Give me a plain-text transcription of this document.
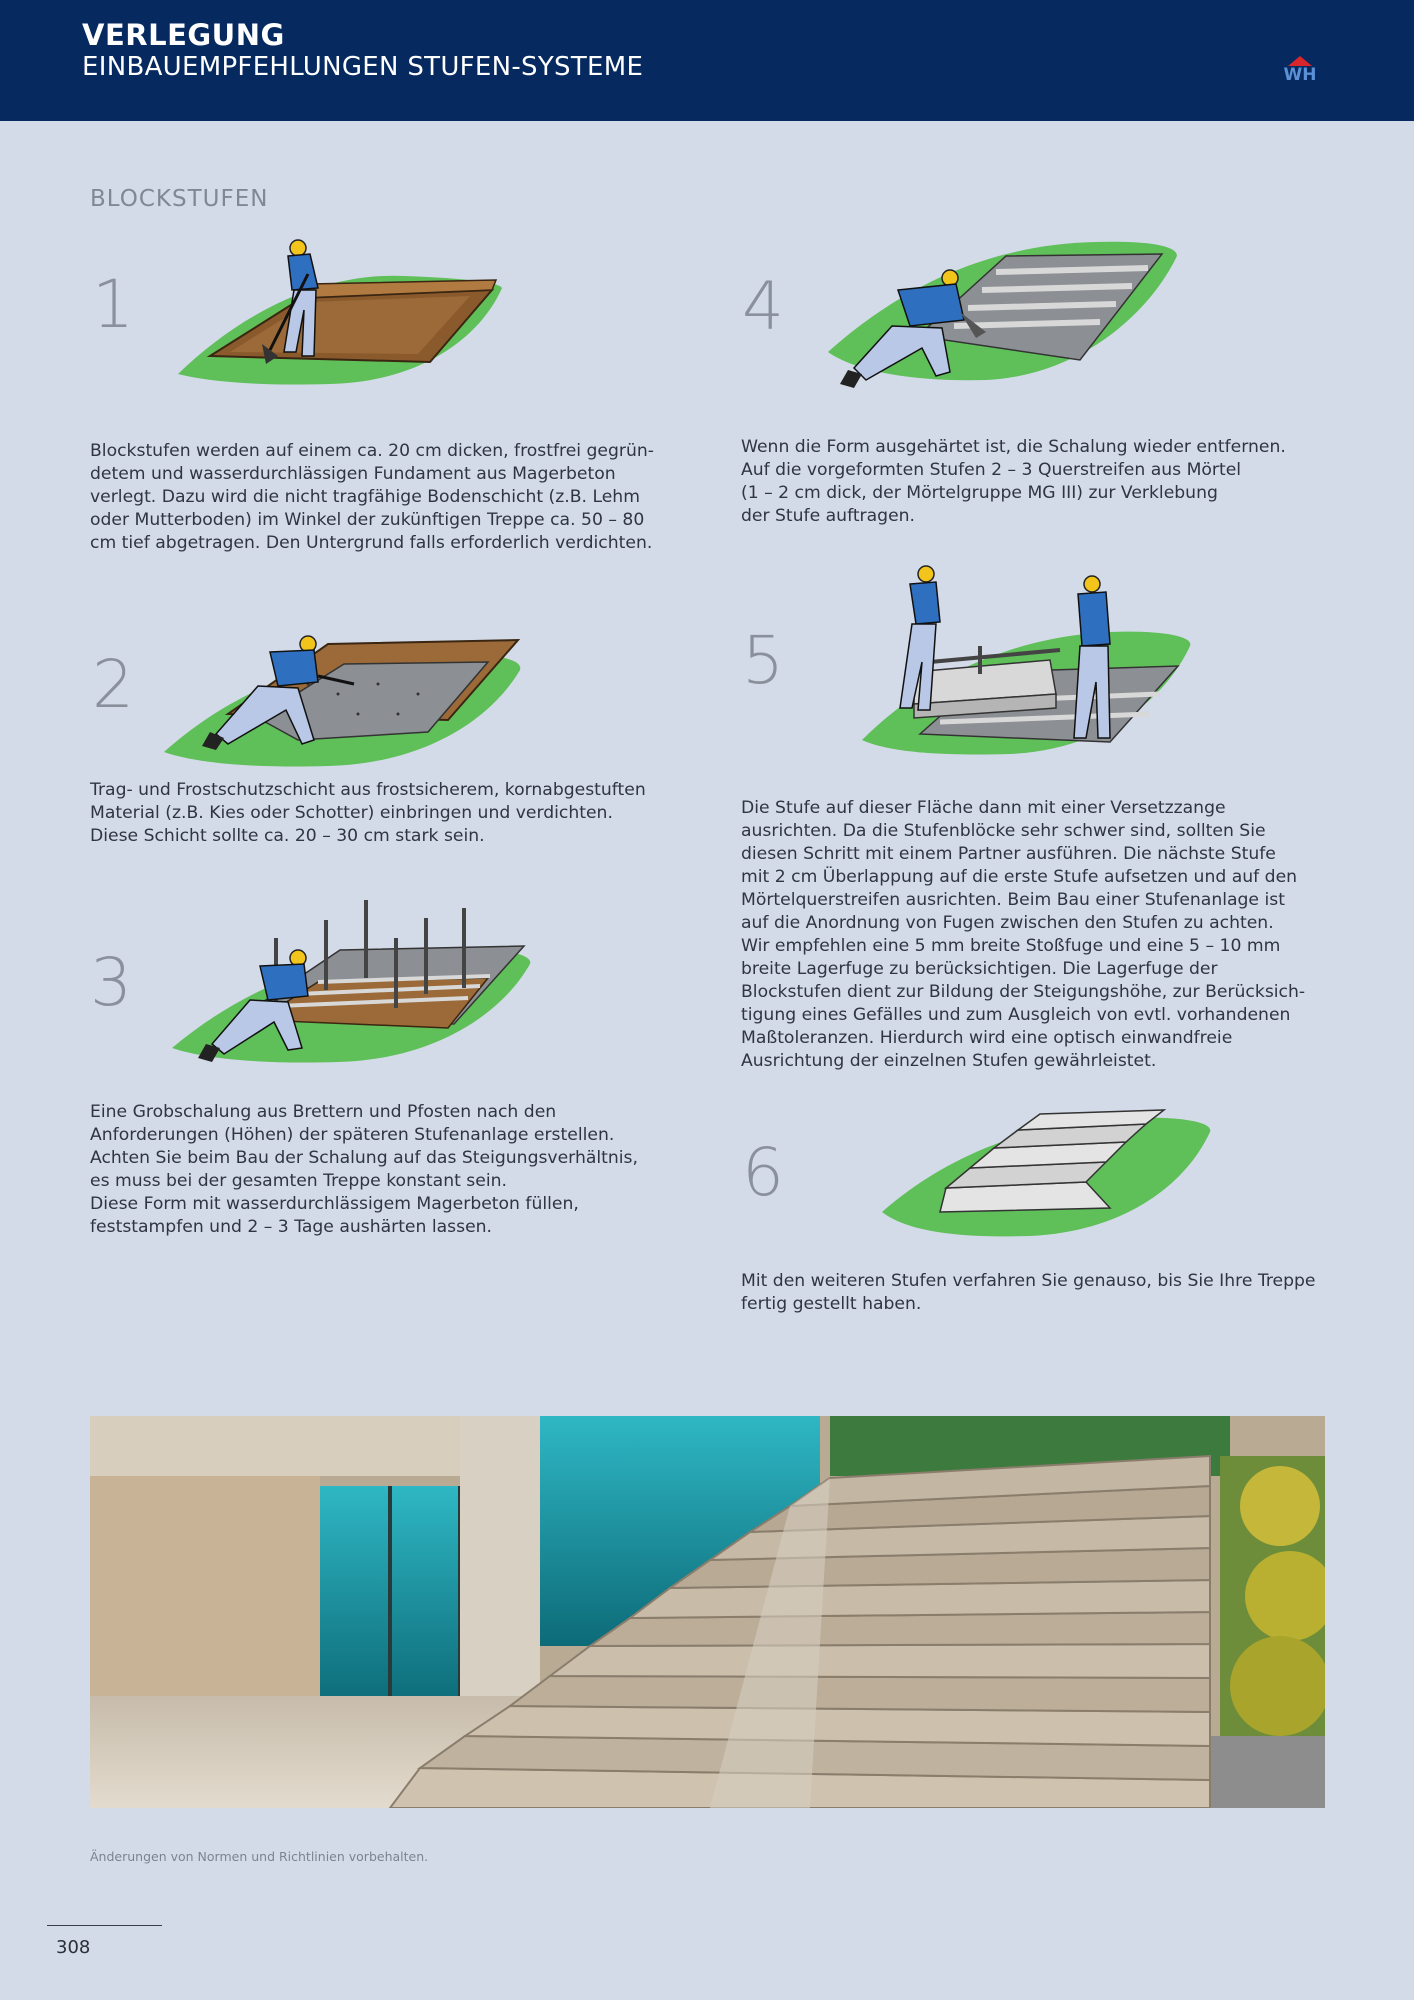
VERLEGUNG
EINBAUEMPFEHLUNGEN STUFEN-SYSTEME	WH
BLOCKSTUFEN
1
Blockstufen werden auf einem ca. 20 cm dicken, frostfrei gegrün-
detem und wasserdurchlässigen Fundament aus Magerbeton
verlegt. Dazu wird die nicht tragfähige Bodenschicht (z.B. Lehm
oder Mutterboden) im Winkel der zukünftigen Treppe ca. 50 – 80
cm tief abgetragen. Den Untergrund falls erforderlich verdichten.
2
Trag- und Frostschutzschicht aus frostsicherem, kornabgestuften
Material (z.B. Kies oder Schotter) einbringen und verdichten.
Diese Schicht sollte ca. 20 – 30 cm stark sein.
3
Eine Grobschalung aus Brettern und Pfosten nach den
Anforderungen (Höhen) der späteren Stufenanlage erstellen.
Achten Sie beim Bau der Schalung auf das Steigungsverhältnis,
es muss bei der gesamten Treppe konstant sein.
Diese Form mit wasserdurchlässigem Magerbeton füllen,
feststampfen und 2 – 3 Tage aushärten lassen.
4
Wenn die Form ausgehärtet ist, die Schalung wieder entfernen.
Auf die vorgeformten Stufen 2 – 3 Querstreifen aus Mörtel
(1 – 2 cm dick, der Mörtelgruppe MG III) zur Verklebung
der Stufe auftragen.
5
Die Stufe auf dieser Fläche dann mit einer Versetzzange
ausrichten. Da die Stufenblöcke sehr schwer sind, sollten Sie
diesen Schritt mit einem Partner ausführen. Die nächste Stufe
mit 2 cm Überlappung auf die erste Stufe aufsetzen und auf den
Mörtelquerstreifen ausrichten. Beim Bau einer Stufenanlage ist
auf die Anordnung von Fugen zwischen den Stufen zu achten.
Wir empfehlen eine 5 mm breite Stoßfuge und eine 5 – 10 mm
breite Lagerfuge zu berücksichtigen. Die Lagerfuge der
Blockstufen dient zur Bildung der Steigungshöhe, zur Berücksich-
tigung eines Gefälles und zum Ausgleich von evtl. vorhandenen
Maßtoleranzen. Hierdurch wird eine optisch einwandfreie
Ausrichtung der einzelnen Stufen gewährleistet.
6
Mit den weiteren Stufen verfahren Sie genauso, bis Sie Ihre Treppe
fertig gestellt haben.
Änderungen von Normen und Richtlinien vorbehalten.
308
